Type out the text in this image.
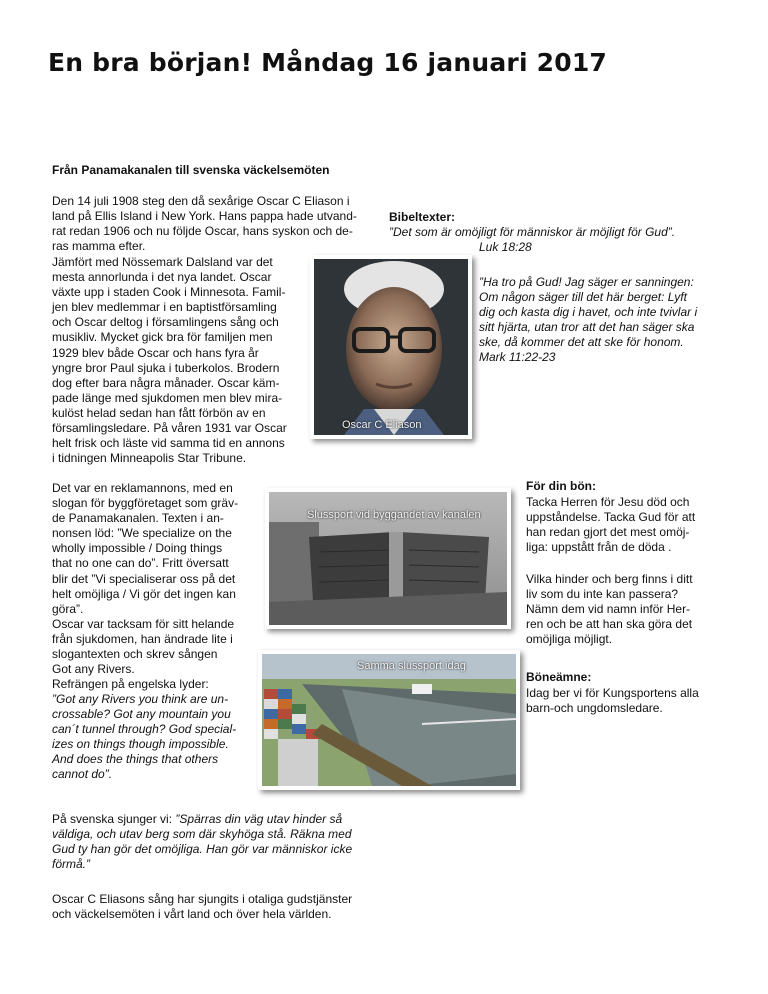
En bra början! Måndag 16 januari 2017
Från Panamakanalen till svenska väckelsemöten
Den 14 juli 1908 steg den då sexårige Oscar C Eliason i
land på Ellis Island i New York. Hans pappa hade utvand-
rat redan 1906 och nu följde Oscar, hans syskon och de-
ras mamma efter.
Jämfört med Nössemark Dalsland var det
mesta annorlunda i det nya landet. Oscar
växte upp i staden Cook i Minnesota. Famil-
jen blev medlemmar i en baptistförsamling
och Oscar deltog i församlingens sång och
musikliv. Mycket gick bra för familjen men
1929 blev både Oscar och hans fyra år
yngre bror Paul sjuka i tuberkolos. Brodern
dog efter bara några månader. Oscar käm-
pade länge med sjukdomen men blev mira-
kulöst helad sedan han fått förbön av en
församlingsledare. På våren 1931 var Oscar
helt frisk och läste vid samma tid en annons
i tidningen Minneapolis Star Tribune.
Det var en reklamannons, med en
slogan för byggföretaget som gräv-
de Panamakanalen. Texten i an-
nonsen löd: ”We specialize on the
wholly impossible / Doing things
that no one can do”. Fritt översatt
blir det ”Vi specialiserar oss på det
helt omöjliga / Vi gör det ingen kan
göra”.
Oscar var tacksam för sitt helande
från sjukdomen, han ändrade lite i
slogantexten och skrev sången
Got any Rivers.
Refrängen på engelska lyder:
”Got any Rivers you think are un-
crossable? Got any mountain you
can´t tunnel through? God special-
izes on things though impossible.
And does the things that others
cannot do”.
På svenska sjunger vi: ”Spärras din väg utav hinder så
väldiga, och utav berg som där skyhöga stå. Räkna med
Gud ty han gör det omöjliga. Han gör var människor icke
förmå.”
Oscar C Eliasons sång har sjungits i otaliga gudstjänster
och väckelsemöten i vårt land och över hela världen.
Bibeltexter:
”Det som är omöjligt för människor är möjligt för Gud”.
Luk 18:28
”Ha tro på Gud! Jag säger er sanningen:
Om någon säger till det här berget: Lyft
dig och kasta dig i havet, och inte tvivlar i
sitt hjärta, utan tror att det han säger ska
ske, då kommer det att ske för honom.
Mark 11:22-23
För din bön:
Tacka Herren för Jesu död och
uppståndelse. Tacka Gud för att
han redan gjort det mest omöj-
liga: uppstått från de döda .
Vilka hinder och berg finns i ditt
liv som du inte kan passera?
Nämn dem vid namn inför Her-
ren och be att han ska göra det
omöjliga möjligt.
Böneämne:
Idag ber vi för Kungsportens alla
barn-och ungdomsledare.
Oscar C Eliason
Slussport vid byggandet av kanalen
Samma slussport idag
